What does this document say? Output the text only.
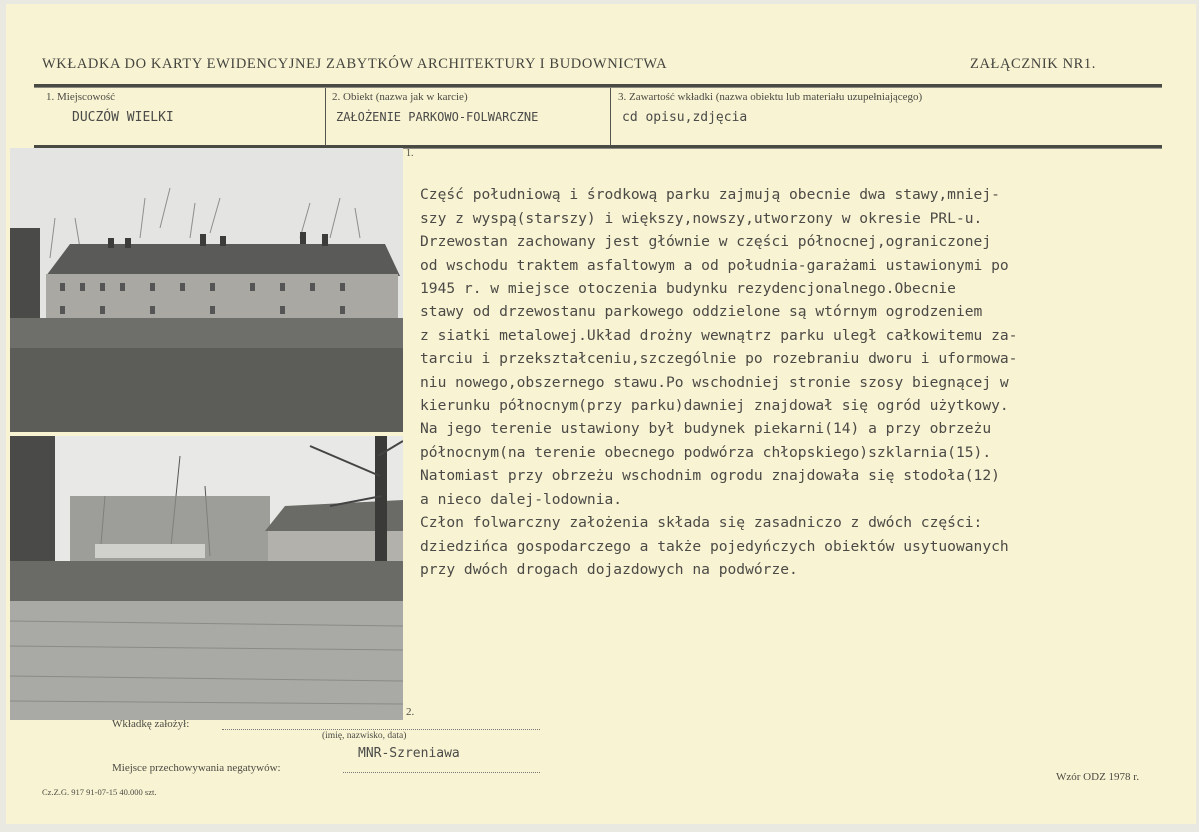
WKŁADKA DO KARTY EWIDENCYJNEJ ZABYTKÓW ARCHITEKTURY I BUDOWNICTWA	ZAŁĄCZNIK NR1.
1. Miejscowość
DUCZÓW WIELKI
2. Obiekt (nazwa jak w karcie)
ZAŁOŻENIE PARKOWO-FOLWARCZNE
3. Zawartość wkładki (nazwa obiektu lub materiału uzupełniającego)
cd opisu,zdjęcia
1.
2.

Część południową i środkową parku zajmują obecnie dwa stawy,mniej-
szy z wyspą(starszy) i większy,nowszy,utworzony w okresie PRL-u.
Drzewostan zachowany jest głównie w części północnej,ograniczonej
od wschodu traktem asfaltowym a od południa-garażami ustawionymi po
1945 r. w miejsce otoczenia budynku rezydencjonalnego.Obecnie
stawy od drzewostanu parkowego oddzielone są wtórnym ogrodzeniem
z siatki metalowej.Układ drożny wewnątrz parku uległ całkowitemu za-
tarciu i przekształceniu,szczególnie po rozebraniu dworu i uformowa-
niu nowego,obszernego stawu.Po wschodniej stronie szosy biegnącej w
kierunku północnym(przy parku)dawniej znajdował się ogród użytkowy.
Na jego terenie ustawiony był budynek piekarni(14) a przy obrzeżu
północnym(na terenie obecnego podwórza chłopskiego)szklarnia(15).
Natomiast przy obrzeżu wschodnim ogrodu znajdowała się stodoła(12)
a nieco dalej-lodownia.
Człon folwarczny założenia składa się zasadniczo z dwóch części:
dziedzińca gospodarczego a także pojedyńczych obiektów usytuowanych
przy dwóch drogach dojazdowych na podwórze.

Wkładkę założył:
(imię, nazwisko, data)
MNR-Szreniawa
Miejsce przechowywania negatywów:
Wzór ODZ 1978 r.
Cz.Z.G. 917 91-07-15 40.000 szt.
